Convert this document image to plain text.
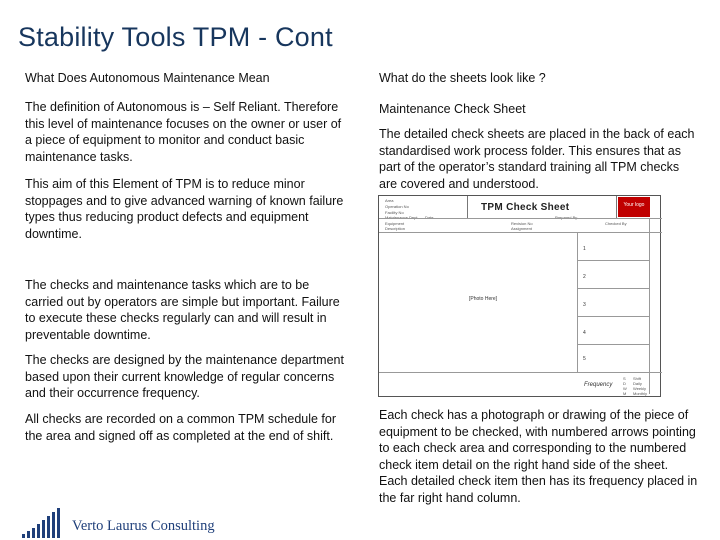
Stability Tools TPM - Cont
What Does Autonomous Maintenance Mean
The definition of Autonomous is – Self Reliant. Therefore this level of maintenance focuses on the owner or user of a piece of equipment to monitor and conduct basic maintenance tasks.
This aim of this Element of TPM is to reduce minor stoppages and to give advanced warning of known failure types thus reducing product defects and equipment downtime.
The checks and maintenance tasks which are to be carried out by operators are simple but important. Failure to execute these checks regularly can and will result in preventable downtime.
The checks are designed by the maintenance department based upon their current knowledge of regular concerns and their occurrence frequency.
All checks are recorded on a common TPM schedule for the area and signed off as completed at the end of shift.
What do the sheets look like ?
Maintenance Check Sheet
The detailed check sheets are placed in the back of each standardised work process folder. This ensures that as part of the operator’s standard training all TPM checks are covered and understood.
TPM Check Sheet	Your logo
Area
Operation No
Facility No
Maintenance Dept Date
Equipment
Description
Revision No
Assignment
Prepared By
Checked By
[Photo Here]
1
2
3
4
5
Frequency
S
D
W
M
Shift
Daily
Weekly
Monthly
Each check has a photograph or drawing of the piece of equipment to be checked, with numbered arrows pointing to each check area and corresponding to the numbered check item detail on the right hand side of the sheet. Each detailed check item then has its frequency placed in the far right hand column.
Verto Laurus Consulting
